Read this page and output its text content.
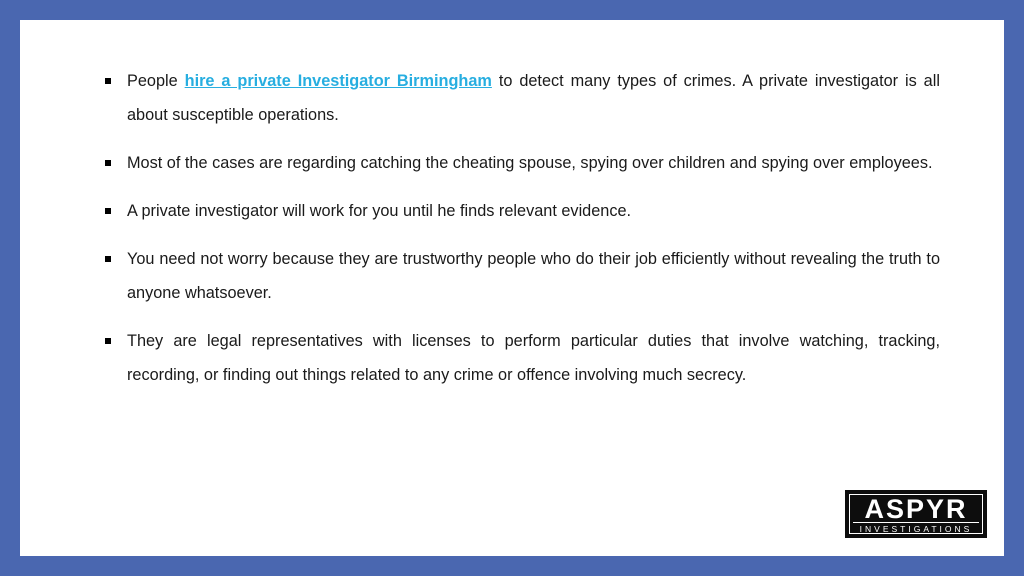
People hire a private Investigator Birmingham to detect many types of crimes. A private investigator is all about susceptible operations.
Most of the cases are regarding catching the cheating spouse, spying over children and spying over employees.
A private investigator will work for you until he finds relevant evidence.
You need not worry because they are trustworthy people who do their job efficiently without revealing the truth to anyone whatsoever.
They are legal representatives with licenses to perform particular duties that involve watching, tracking, recording, or finding out things related to any crime or offence involving much secrecy.
ASPYR
INVESTIGATIONS
